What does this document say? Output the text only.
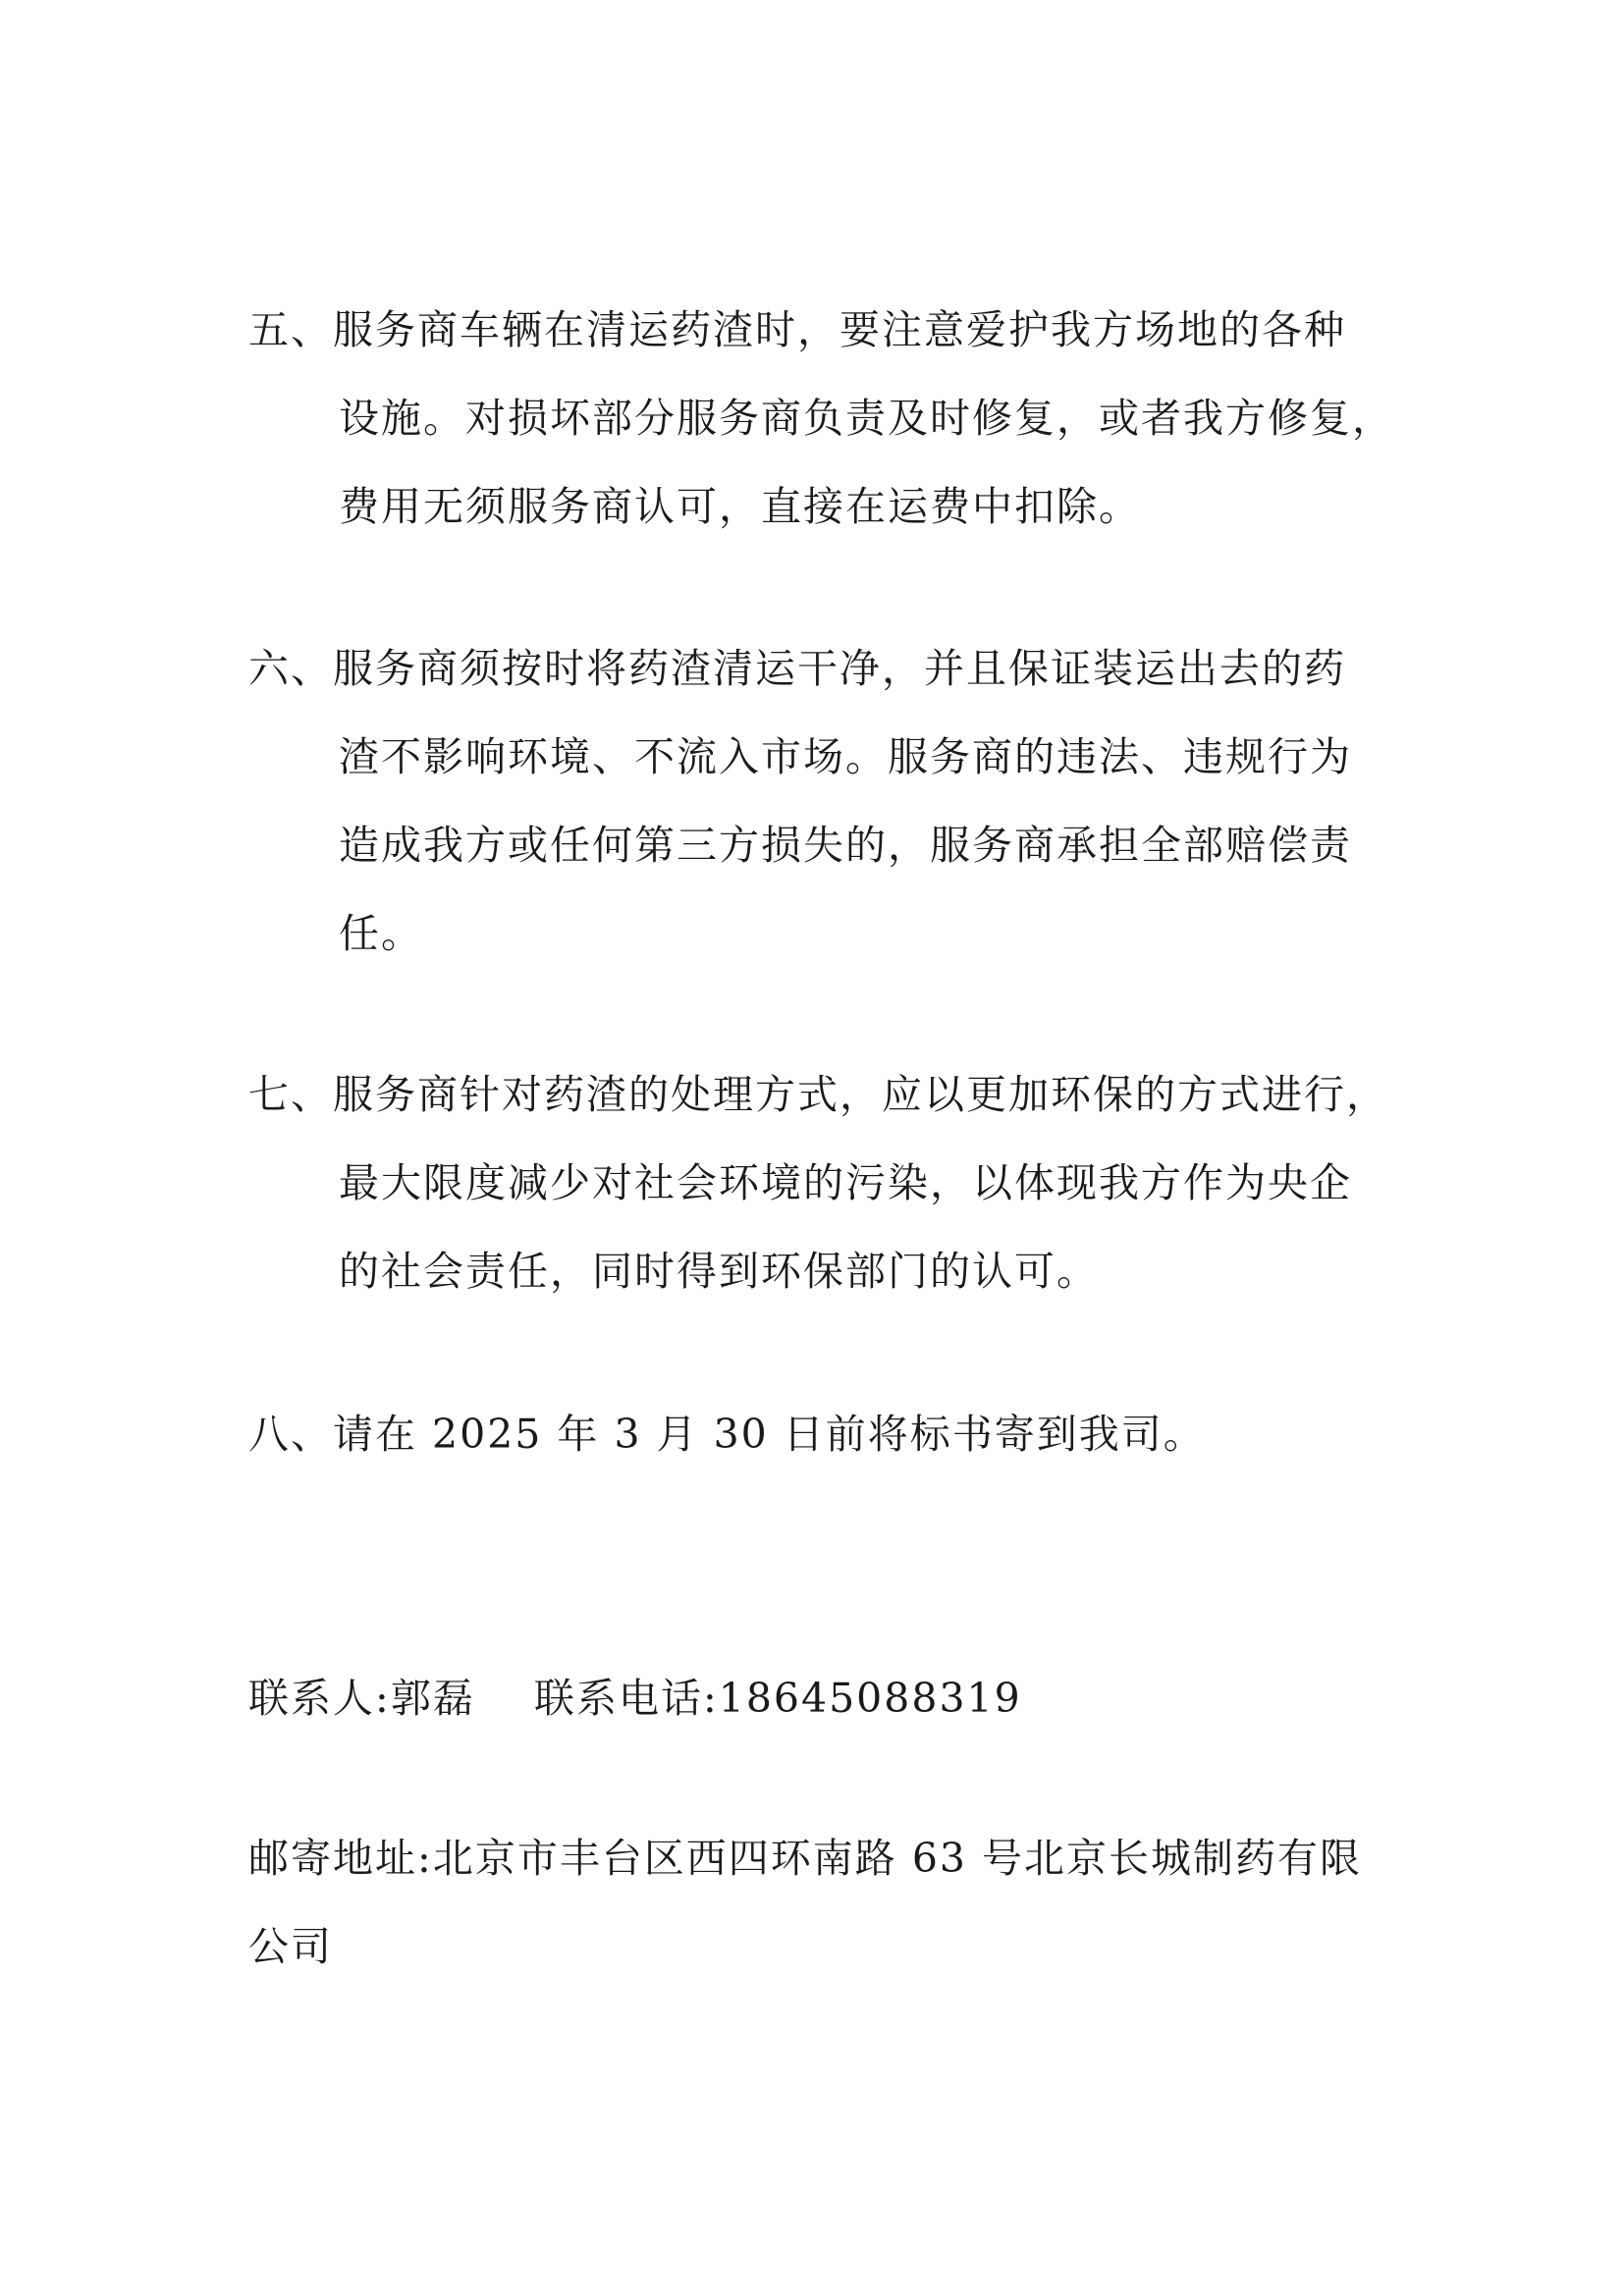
五、服务商车辆在清运药渣时，要注意爱护我方场地的各种
设施。对损坏部分服务商负责及时修复，或者我方修复，
费用无须服务商认可，直接在运费中扣除。
六、服务商须按时将药渣清运干净，并且保证装运出去的药
渣不影响环境、不流入市场。服务商的违法、违规行为
造成我方或任何第三方损失的，服务商承担全部赔偿责
任。
七、服务商针对药渣的处理方式，应以更加环保的方式进行，
最大限度减少对社会环境的污染，以体现我方作为央企
的社会责任，同时得到环保部门的认可。
八、请在 2025 年 3 月 30 日前将标书寄到我司。
联系人:郭磊    联系电话:18645088319
邮寄地址:北京市丰台区西四环南路 63 号北京长城制药有限
公司
